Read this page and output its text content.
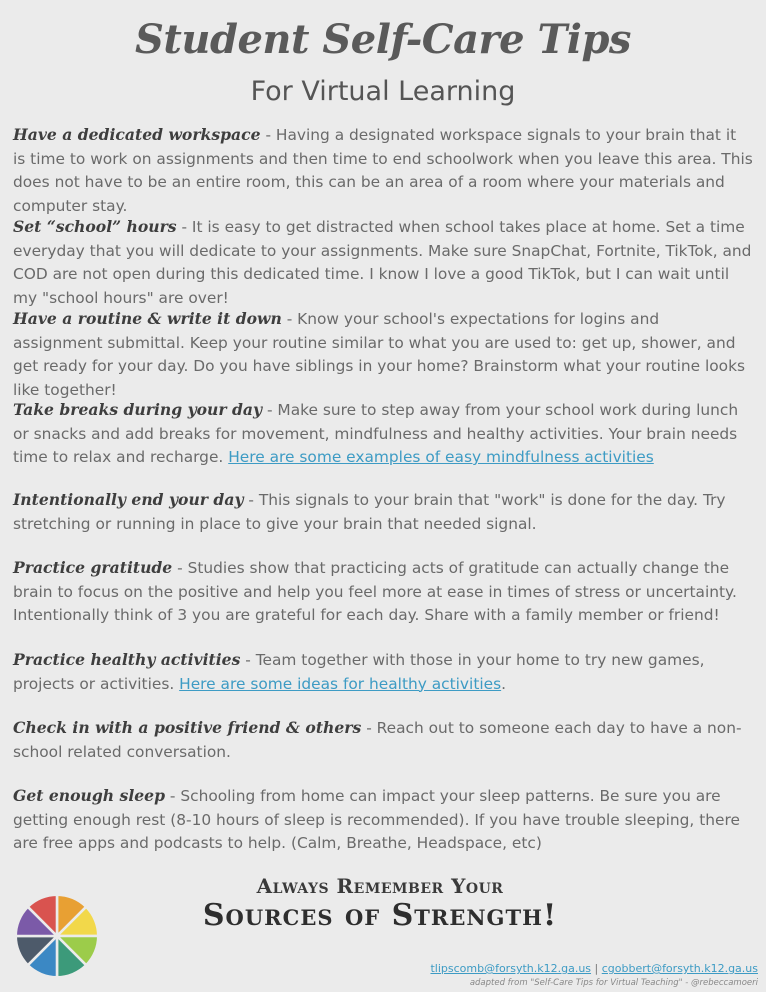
Student Self-Care Tips
For Virtual Learning

Have a dedicated workspace - Having a designated workspace signals to your brain that it is time to work on assignments and then time to end schoolwork when you leave this area. This does not have to be an entire room, this can be an area of a room where your materials and computer stay.

Set “school” hours - It is easy to get distracted when school takes place at home. Set a time everyday that you will dedicate to your assignments. Make sure SnapChat, Fortnite, TikTok, and COD are not open during this dedicated time. I know I love a good TikTok, but I can wait until my "school hours" are over!

Have a routine & write it down - Know your school's expectations for logins and assignment submittal. Keep your routine similar to what you are used to: get up, shower, and get ready for your day. Do you have siblings in your home? Brainstorm what your routine looks like together!

Take breaks during your day - Make sure to step away from your school work during lunch or snacks and add breaks for movement, mindfulness and healthy activities. Your brain needs time to relax and recharge. Here are some examples of easy mindfulness activities

Intentionally end your day - This signals to your brain that "work" is done for the day. Try stretching or running in place to give your brain that needed signal.

Practice gratitude - Studies show that practicing acts of gratitude can actually change the brain to focus on the positive and help you feel more at ease in times of stress or uncertainty. Intentionally think of 3 you are grateful for each day. Share with a family member or friend!

Practice healthy activities - Team together with those in your home to try new games, projects or activities. Here are some ideas for healthy activities.

Check in with a positive friend & others - Reach out to someone each day to have a non-school related conversation.

Get enough sleep - Schooling from home can impact your sleep patterns. Be sure you are getting enough rest (8-10 hours of sleep is recommended). If you have trouble sleeping, there are free apps and podcasts to help. (Calm, Breathe, Headspace, etc)

Always Remember Your
Sources of Strength!
tlipscomb@forsyth.k12.ga.us | cgobbert@forsyth.k12.ga.us
adapted from "Self-Care Tips for Virtual Teaching" - @rebeccamoeri
